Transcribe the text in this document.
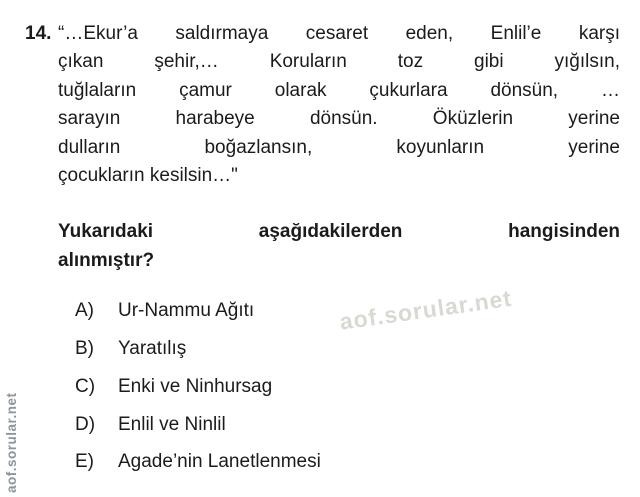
aof.sorular.net
aof.sorular.net
14. “…Ekur’a saldırmaya cesaret eden, Enlil’e karşı
çıkan şehir,… Koruların toz gibi yığılsın,
tuğlaların çamur olarak çukurlara dönsün, …
sarayın harabeye dönsün. Öküzlerin yerine
dulların boğazlansın, koyunların yerine
çocukların kesilsin…"
Yukarıdaki aşağıdakilerden hangisinden
alınmıştır?
A)	Ur-Nammu Ağıtı
B)	Yaratılış
C)	Enki ve Ninhursag
D)	Enlil ve Ninlil
E)	Agade’nin Lanetlenmesi
